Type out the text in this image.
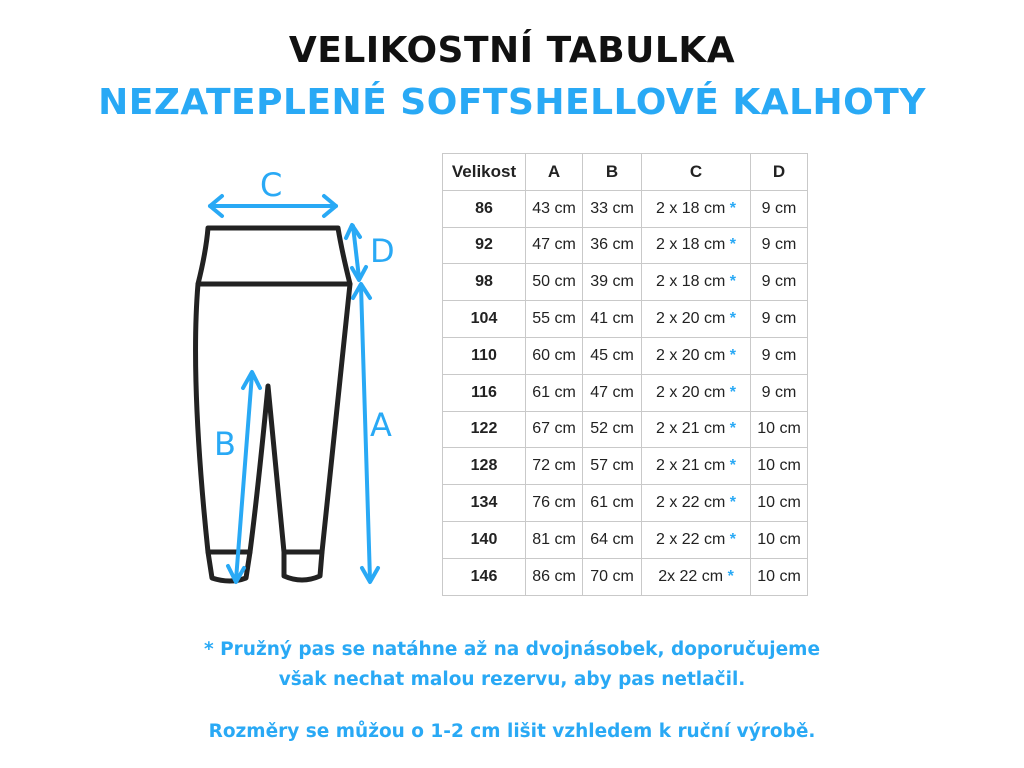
VELIKOSTNÍ TABULKA
NEZATEPLENÉ SOFTSHELLOVÉ KALHOTY
C
D
A
B
Velikost	A	B	C	D
86	43 cm	33 cm	2 x 18 cm *	9 cm
92	47 cm	36 cm	2 x 18 cm *	9 cm
98	50 cm	39 cm	2 x 18 cm *	9 cm
104	55 cm	41 cm	2 x 20 cm *	9 cm
110	60 cm	45 cm	2 x 20 cm *	9 cm
116	61 cm	47 cm	2 x 20 cm *	9 cm
122	67 cm	52 cm	2 x 21 cm *	10 cm
128	72 cm	57 cm	2 x 21 cm *	10 cm
134	76 cm	61 cm	2 x 22 cm *	10 cm
140	81 cm	64 cm	2 x 22 cm *	10 cm
146	86 cm	70 cm	2x 22 cm *	10 cm

* Pružný pas se natáhne až na dvojnásobek, doporučujeme
však nechat malou rezervu, aby pas netlačil.

Rozměry se můžou o 1-2 cm lišit vzhledem k ruční výrobě.
